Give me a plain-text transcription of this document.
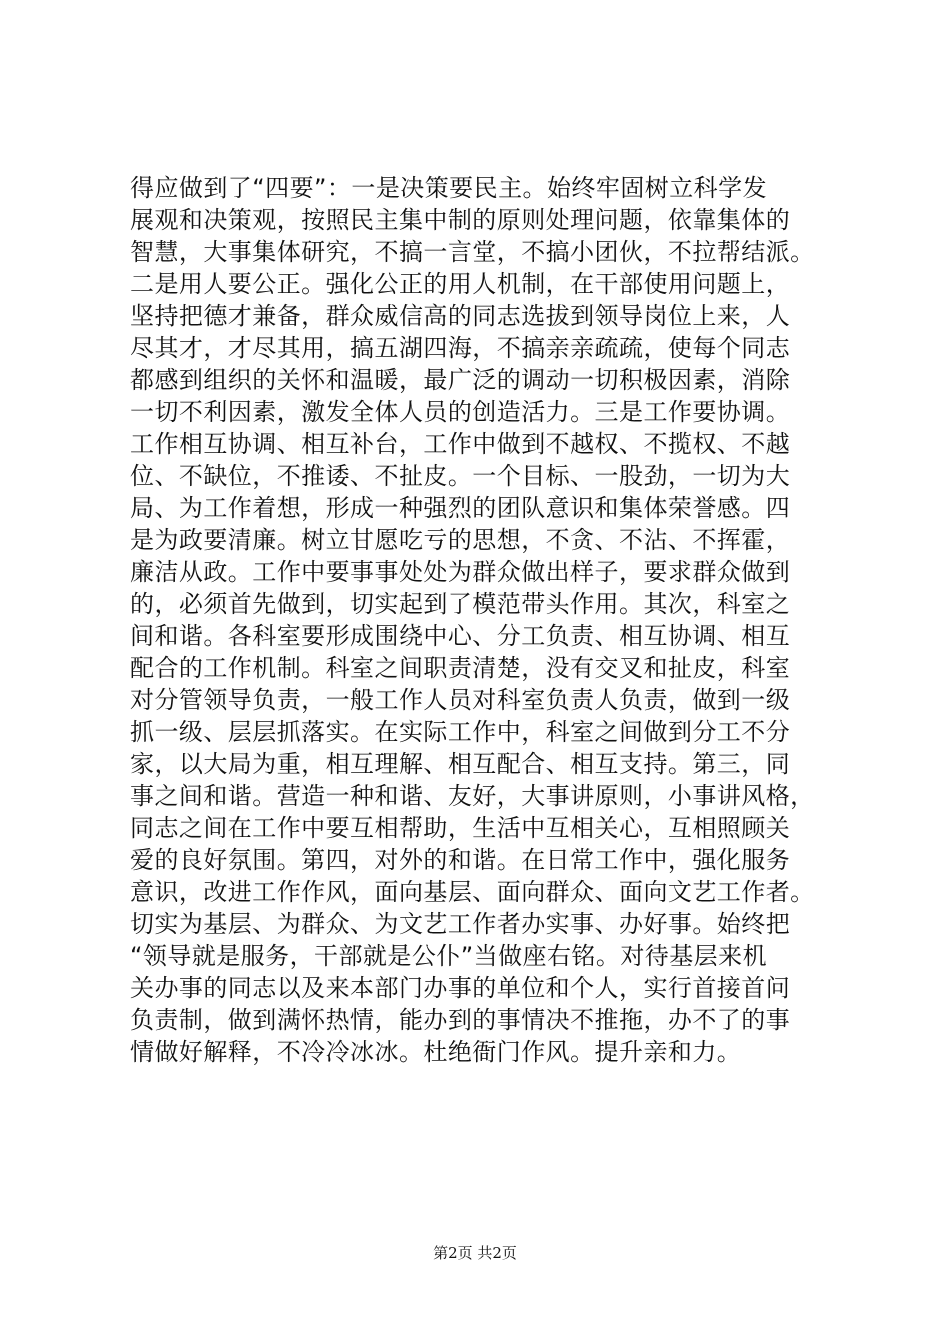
得应做到了“四要”：一是决策要民主。始终牢固树立科学发
展观和决策观，按照民主集中制的原则处理问题，依靠集体的
智慧，大事集体研究，不搞一言堂，不搞小团伙，不拉帮结派。
二是用人要公正。强化公正的用人机制，在干部使用问题上，
坚持把德才兼备，群众威信高的同志选拔到领导岗位上来，人
尽其才，才尽其用，搞五湖四海，不搞亲亲疏疏，使每个同志
都感到组织的关怀和温暖，最广泛的调动一切积极因素，消除
一切不利因素，激发全体人员的创造活力。三是工作要协调。
工作相互协调、相互补台，工作中做到不越权、不揽权、不越
位、不缺位，不推诿、不扯皮。一个目标、一股劲，一切为大
局、为工作着想，形成一种强烈的团队意识和集体荣誉感。四
是为政要清廉。树立甘愿吃亏的思想，不贪、不沾、不挥霍，
廉洁从政。工作中要事事处处为群众做出样子，要求群众做到
的，必须首先做到，切实起到了模范带头作用。其次，科室之
间和谐。各科室要形成围绕中心、分工负责、相互协调、相互
配合的工作机制。科室之间职责清楚，没有交叉和扯皮，科室
对分管领导负责，一般工作人员对科室负责人负责，做到一级
抓一级、层层抓落实。在实际工作中，科室之间做到分工不分
家，以大局为重，相互理解、相互配合、相互支持。第三，同
事之间和谐。营造一种和谐、友好，大事讲原则，小事讲风格，
同志之间在工作中要互相帮助，生活中互相关心，互相照顾关
爱的良好氛围。第四，对外的和谐。在日常工作中，强化服务
意识，改进工作作风，面向基层、面向群众、面向文艺工作者。
切实为基层、为群众、为文艺工作者办实事、办好事。始终把
“领导就是服务，干部就是公仆”当做座右铭。对待基层来机
关办事的同志以及来本部门办事的单位和个人，实行首接首问
负责制，做到满怀热情，能办到的事情决不推拖，办不了的事
情做好解释，不冷冷冰冰。杜绝衙门作风。提升亲和力。
第2页 共2页
